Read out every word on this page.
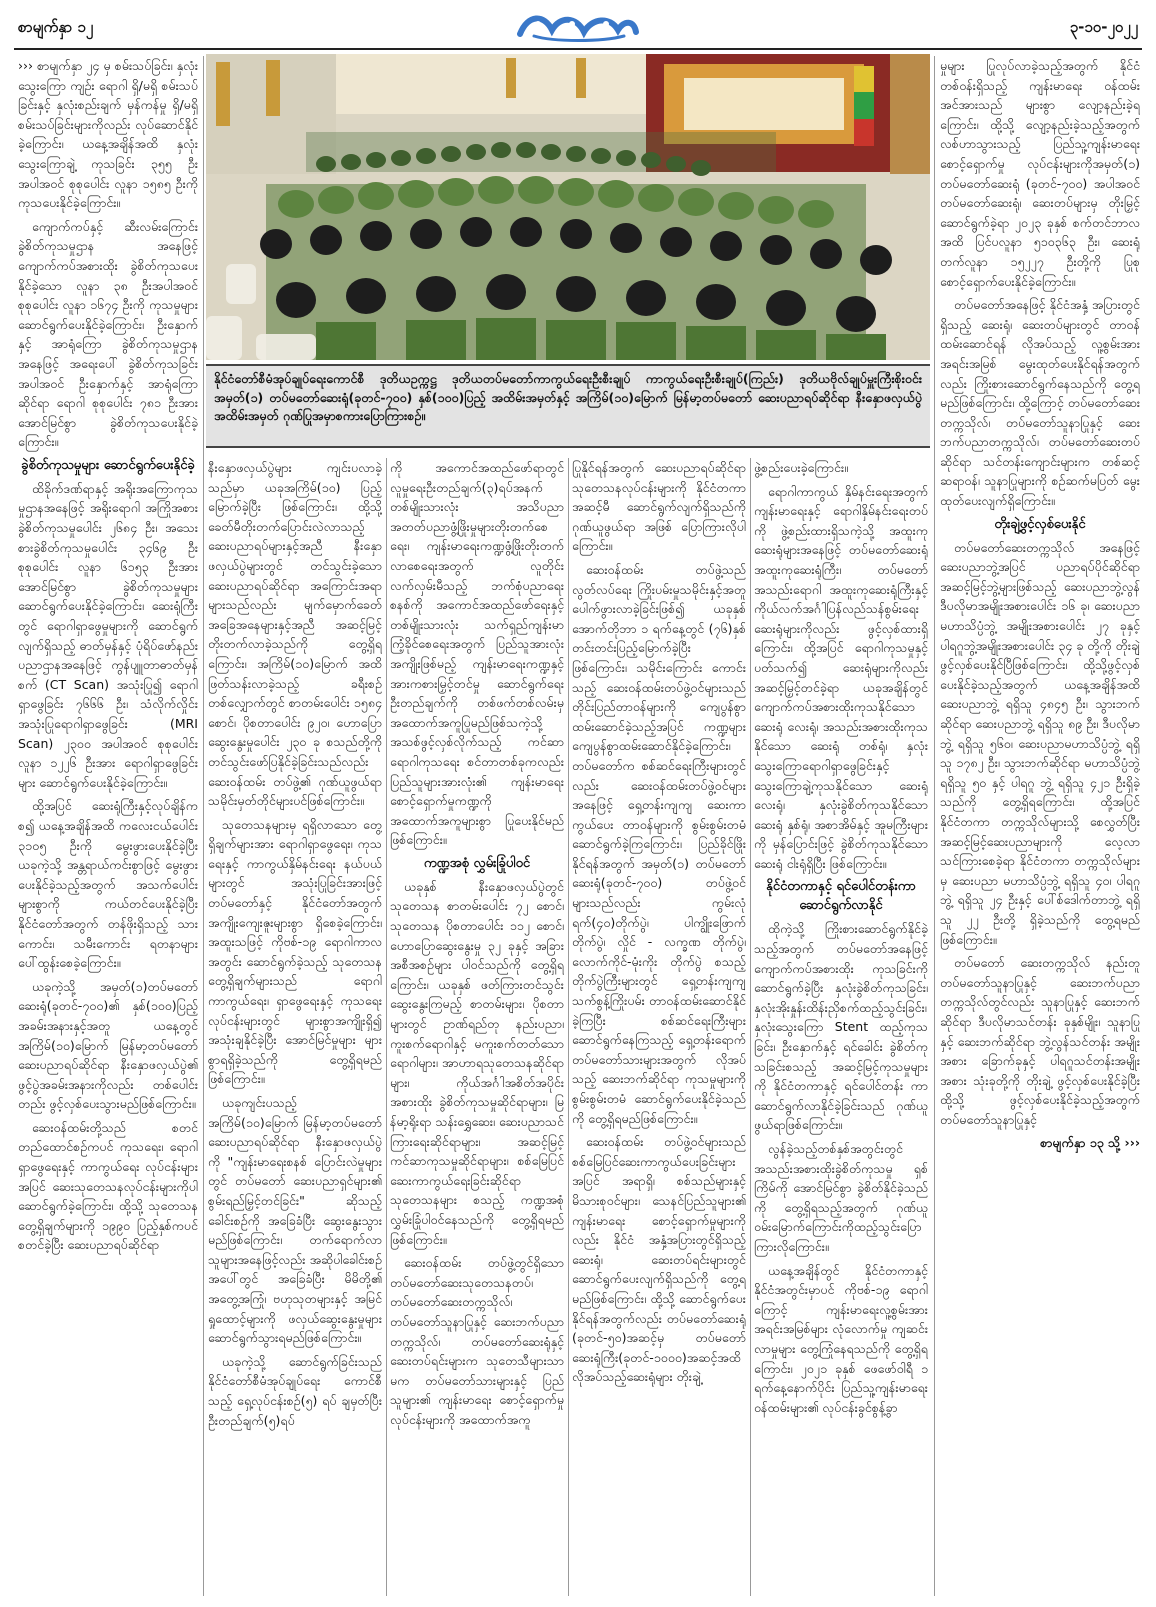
စာမျက်နှာ ၁၂	၃-၁၀-၂၀၂၂

››› စာမျက်နှာ ၂၄ မှ စမ်းသပ်ခြင်း၊ နှလုံးသွေးကြော ကျဉ်း ရောဂါ ရှိ/မရှိ စမ်းသပ်ခြင်းနှင့် နှလုံးစည်းချက် မှန်ကန်မှု ရှိ/မရှိ စမ်းသပ်ခြင်းများကိုလည်း လုပ်ဆောင်နိုင်ခဲ့ကြောင်း၊ ယနေ့အချိန်အထိ နှလုံးသွေးကြောချဲ့ ကုသခြင်း ၃၅၅ ဦး အပါအဝင် စုစုပေါင်း လူနာ ၁၅၈၅ ဦးကို ကုသပေးနိုင်ခဲ့ကြောင်း။

ကျောက်ကပ်နှင့် ဆီးလမ်းကြောင်း ခွဲစိတ်ကုသမှုဌာန အနေဖြင့် ကျောက်ကပ်အစားထိုး ခွဲစိတ်ကုသပေးနိုင်ခဲ့သော လူနာ ၃၈ ဦးအပါအဝင် စုစုပေါင်း လူနာ ၁၆၇၄ ဦးကို ကုသမှုများ ဆောင်ရွက်ပေးနိုင်ခဲ့ကြောင်း၊ ဦးနှောက်နှင့် အာရုံကြော ခွဲစိတ်ကုသမှုဌာနအနေဖြင့် အရေးပေါ် ခွဲစိတ်ကုသခြင်း အပါအဝင် ဦးနှောက်နှင့် အာရုံကြောဆိုင်ရာ ရောဂါ စုစုပေါင်း ၇၈၁ ဦးအား အောင်မြင်စွာ ခွဲစိတ်ကုသပေးနိုင်ခဲ့ကြောင်း။

ခွဲစိတ်ကုသမှုများ ဆောင်ရွက်ပေးနိုင်ခဲ့

ထိခိုက်ဒဏ်ရာနှင့် အရိုးအကြောကုသမှုဌာနအနေဖြင့် အရိုးရောဂါ အကြိုအစား ခွဲစိတ်ကုသမှုပေါင်း ၂၆၈၄ ဦး၊ အသေးစားခွဲစိတ်ကုသမှုပေါင်း ၃၄၆၉ ဦး စုစုပေါင်း လူနာ ၆၁၅၃ ဦးအား အောင်မြင်စွာ ခွဲစိတ်ကုသမှုများ ဆောင်ရွက်ပေးနိုင်ခဲ့ကြောင်း၊ ဆေးရုံကြီးတွင် ရောဂါရှာဖွေမှုများကို ဆောင်ရွက်လျက်ရှိသည့် ဓာတ်မှန်နှင့် ပုံရိပ်ဖော်နည်းပညာဌာနအနေဖြင့် ကွန်ပျူတာဓာတ်မှန်စက် (CT Scan) အသုံးပြု၍ ရောဂါရှာဖွေခြင်း ၇၆၆၆ ဦး၊ သံလိုက်လှိုင်း အသုံးပြုရောဂါရှာဖွေခြင်း (MRI Scan) ၂၃၀၀ အပါအဝင် စုစုပေါင်း လူနာ ၁၂၂၆ ဦးအား ရောဂါရှာဖွေခြင်းများ ဆောင်ရွက်ပေးနိုင်ခဲ့ကြောင်း။

ထို့အပြင် ဆေးရုံကြီးနှင့်လုပ်ချိန်ကစ၍ ယနေ့အချိန်အထိ ကလေးငယ်ပေါင်း ၃၁၀၅ ဦးကို မွေးဖွားပေးနိုင်ခဲ့ပြီး ယခုကဲ့သို့ အန္တရာယ်ကင်းစွာဖြင့် မွေးဖွားပေးနိုင်ခဲ့သည့်အတွက် အသက်ပေါင်းများစွာကို ကယ်တင်ပေးနိုင်ခဲ့ပြီး နိုင်ငံတော်အတွက် တန်ဖိုးရှိသည့် သားကောင်း၊ သမီးကောင်း ရတနာများ ပေါ်ထွန်းစေခဲ့ကြောင်း။

ယခုကဲ့သို့ အမှတ်(၁)တပ်မတော်ဆေးရုံ(ခုတင်-၇၀၀)၏ နှစ်(၁၀၀)ပြည့် အခမ်းအနားနှင့်အတူ ယနေ့တွင် အကြိမ်(၁၀)မြောက် မြန်မာ့တပ်မတော် ဆေးပညာရပ်ဆိုင်ရာ နီးနှောဖလှယ်ပွဲ၏ ဖွင့်ပွဲအခမ်းအနားကိုလည်း တစ်ပေါင်းတည်း ဖွင့်လှစ်ပေးသွားမည်ဖြစ်ကြောင်း။

ဆေးဝန်ထမ်းတို့သည် စတင်တည်ထောင်စဉ်ကပင် ကုသရေး၊ ရောဂါရှာဖွေရေးနှင့် ကာကွယ်ရေး လုပ်ငန်းများအပြင် ဆေးသုတေသနလုပ်ငန်းများကိုပါ ဆောင်ရွက်ခဲ့ကြောင်း၊ ထို့သို့ သုတေသနတွေ့ရှိချက်များကို ၁၉၉၀ ပြည့်နှစ်ကပင် စတင်ခဲ့ပြီး ဆေးပညာရပ်ဆိုင်ရာ

နိုင်ငံတော်စီမံအုပ်ချုပ်ရေးကောင်စီ ဒုတိယဥက္ကဋ္ဌ ဒုတိယတပ်မတော်ကာကွယ်ရေးဦးစီးချုပ် ကာကွယ်ရေးဦးစီးချုပ်(ကြည်း) ဒုတိယဗိုလ်ချုပ်မှူးကြီးစိုးဝင်း အမှတ်(၁) တပ်မတော်ဆေးရုံ(ခုတင်-၇၀၀) နှစ်(၁၀၀)ပြည့် အထိမ်းအမှတ်နှင့် အကြိမ်(၁၀)မြောက် မြန်မာ့တပ်မတော် ဆေးပညာရပ်ဆိုင်ရာ နီးနှောဖလှယ်ပွဲ အထိမ်းအမှတ် ဂုဏ်ပြုအမှာစကားပြောကြားစဉ်။

နီးနှောဖလှယ်ပွဲများ ကျင်းပလာခဲ့သည်မှာ ယခုအကြိမ်(၁၀) ပြည့်မြောက်ခဲ့ပြီး ဖြစ်ကြောင်း၊ ထို့သို့ ခေတ်မီတိုးတက်ပြောင်းလဲလာသည့် ဆေးပညာရပ်များနှင့်အညီ နီးနှောဖလှယ်ပွဲများတွင် တင်သွင်းခဲ့သော ဆေးပညာရပ်ဆိုင်ရာ အကြောင်းအရာများသည်လည်း မျက်မှောက်ခေတ် အခြေအနေများနှင့်အညီ အဆင့်မြင့်တိုးတက်လာခဲ့သည်ကို တွေ့ရှိရကြောင်း၊ အကြိမ်(၁၀)မြောက် အထိဖြတ်သန်းလာခဲ့သည့် ခရီးစဉ်တစ်လျှောက်တွင် စာတမ်းပေါင်း ၁၅၈၄ စောင်၊ ပိုစတာပေါင်း ၉၂၀၊ ဟောပြောဆွေးနွေးမှုပေါင်း ၂၃၀ ခု စသည်တို့ကို တင်သွင်းဖော်ပြနိုင်ခဲ့ခြင်းသည်လည်း ဆေးဝန်ထမ်း တပ်ဖွဲ့၏ ဂုဏ်ယူဖွယ်ရာ သမိုင်းမှတ်တိုင်များပင်ဖြစ်ကြောင်း။

သုတေသနများမှ ရရှိလာသော တွေ့ရှိချက်များအား ရောဂါရှာဖွေရေး၊ ကုသရေးနှင့် ကာကွယ်နှိမ်နင်းရေး နယ်ပယ်များတွင် အသုံးပြုခြင်းအားဖြင့် တပ်မတော်နှင့် နိုင်ငံတော်အတွက် အကျိုးကျေးဇူးများစွာ ရှိစေခဲ့ကြောင်း၊ အထူးသဖြင့် ကိုဗစ်-၁၉ ရောဂါကာလအတွင်း ဆောင်ရွက်ခဲ့သည့် သုတေသနတွေ့ရှိချက်များသည် ရောဂါကာကွယ်ရေး၊ ရှာဖွေရေးနှင့် ကုသရေးလုပ်ငန်းများတွင် များစွာအကျိုးရှိ၍ အသုံးချနိုင်ခဲ့ပြီး အောင်မြင်မှုများ များစွာရရှိခဲ့သည်ကို တွေ့ရှိရမည်ဖြစ်ကြောင်း။

ယခုကျင်းပသည့် အကြိမ်(၁၀)မြောက် မြန်မာ့တပ်မတော် ဆေးပညာရပ်ဆိုင်ရာ နီးနှောဖလှယ်ပွဲကို "ကျန်းမာရေးစနစ် ပြောင်းလဲမှုများတွင် တပ်မတော် ဆေးပညာရှင်များ၏ စွမ်းရည်မြှင့်တင်ခြင်း" ဆိုသည့် ခေါင်းစဉ်ကို အခြေခံပြီး ဆွေးနွေးသွားမည်ဖြစ်ကြောင်း၊ တက်ရောက်လာသူများအနေဖြင့်လည်း အဆိုပါခေါင်းစဉ်အပေါ်တွင် အခြေခံပြီး မိမိတို့၏ အတွေ့အကြုံ၊ ဗဟုသုတများနှင့် အမြင်ရှုထောင့်များကို ဖလှယ်ဆွေးနွေးမှုများ ဆောင်ရွက်သွားရမည်ဖြစ်ကြောင်း။

ယခုကဲ့သို့ ဆောင်ရွက်ခြင်းသည် နိုင်ငံတော်စီမံအုပ်ချုပ်ရေး ကောင်စီသည့် ရှေ့လုပ်ငန်းစဉ်(၅) ရပ် ချမှတ်ပြီး ဦးတည်ချက်(၅)ရပ်

ကို အကောင်အထည်ဖော်ရာတွင် လူမှုရေးဦးတည်ချက်(၃)ရပ်အနက် တစ်မျိုးသားလုံး အသိပညာ အတတ်ပညာဖွံ့ဖြိုးမှုများတိုးတက်စေရေး၊ ကျန်းမာရေးကဏ္ဍဖွံ့ဖြိုးတိုးတက်လာစေရေးအတွက် လူတိုင်းလက်လှမ်းမီသည့် ဘက်စုံပညာရေးစနစ်ကို အကောင်အထည်ဖော်ရေးနှင့် တစ်မျိုးသားလုံး သက်ရှည်ကျန်းမာ ကြံ့ခိုင်စေရေးအတွက် ပြည်သူအားလုံး အကျိုးဖြစ်မည့် ကျန်းမာရေးကဏ္ဍနှင့် အားကစားမြှင့်တင်မှု ဆောင်ရွက်ရေး ဦးတည်ချက်ကို တစ်ဖက်တစ်လမ်းမှအထောက်အကူပြုမည်ဖြစ်သကဲ့သို့ အသစ်ဖွင့်လှစ်လိုက်သည့် ကင်ဆာရောဂါကုသရေး စင်တာတစ်ခုကလည်း ပြည်သူများအားလုံး၏ ကျန်းမာရေးစောင့်ရှောက်မှုကဏ္ဍကို အထောက်အကူများစွာ ပြုပေးနိုင်မည်ဖြစ်ကြောင်း။

ကဏ္ဍအစုံ လွှမ်းခြုံပါဝင်

ယခုနှစ် နီးနှောဖလှယ်ပွဲတွင် သုတေသန စာတမ်းပေါင်း ၇၂ စောင်၊ သုတေသန ပိုစတာပေါင်း ၁၁၂ စောင်၊ ဟောပြောဆွေးနွေးမှု ၃၂ ခုနှင့် အခြားအစီအစဉ်များ ပါဝင်သည်ကို တွေ့ရှိရကြောင်း၊ ယခုနှစ် ဖတ်ကြားတင်သွင်းဆွေးနွေးကြမည့် စာတမ်းများ၊ ပိုစတာများတွင် ဥာဏ်ရည်တု နည်းပညာ၊ ကူးစက်ရောဂါနှင့် မကူးစက်တတ်သော ရောဂါများ၊ အာဟာရသုတေသနဆိုင်ရာများ၊ ကိုယ်အင်္ဂါအစိတ်အပိုင်း အစားထိုး ခွဲစိတ်ကုသမှုဆိုင်ရာများ၊ မြန်မာ့ရိုးရာ သန်းရွှေဆေး၊ ဆေးပညာသင်ကြားရေးဆိုင်ရာများ၊ အဆင့်မြင့် ကင်ဆာကုသမှုဆိုင်ရာများ၊ စစ်မြေပြင်ဆေးကာကွယ်ရေးခြင်းဆိုင်ရာ သုတေသနများ စသည့် ကဏ္ဍအစုံလွှမ်းခြုံပါဝင်နေသည်ကို တွေ့ရှိရမည်ဖြစ်ကြောင်း။

ဆေးဝန်ထမ်း တပ်ဖွဲ့တွင်ရှိသော တပ်မတော်ဆေးသုတေသနတပ်၊ တပ်မတော်ဆေးတက္ကသိုလ်၊ တပ်မတော်သူနာပြုနှင့် ဆေးဘက်ပညာတက္ကသိုလ်၊ တပ်မတော်ဆေးရုံနှင့် ဆေးတပ်ရင်းများက သုတေသီများသာမက တပ်မတော်သားများနှင့် ပြည်သူများ၏ ကျန်းမာရေး စောင့်ရှောက်မှု လုပ်ငန်းများကို အထောက်အကူ

ပြုနိုင်ရန်အတွက် ဆေးပညာရပ်ဆိုင်ရာသုတေသနလုပ်ငန်းများကို နိုင်ငံတကာအဆင့်မီ ဆောင်ရွက်လျက်ရှိသည်ကို ဂုဏ်ယူဖွယ်ရာ အဖြစ် ပြောကြားလိုပါကြောင်း။

ဆေးဝန်ထမ်း တပ်ဖွဲ့သည် လွတ်လပ်ရေး ကြိုးပမ်းမှုသမိုင်းနှင့်အတူ ပေါက်ဖွားလာခဲ့ခြင်းဖြစ်၍ ယခုနှစ် အောက်တိုဘာ ၁ ရက်နေ့တွင် (၇၆)နှစ် တင်းတင်းပြည့်မြောက်ခဲ့ပြီး ဖြစ်ကြောင်း၊ သမိုင်းကြောင်း ကောင်းသည့် ဆေးဝန်ထမ်းတပ်ဖွဲ့ဝင်များသည် တိုင်းပြည်တာဝန်များကို ကျေပွန်စွာ ထမ်းဆောင်ခဲ့သည့်အပြင် ကဏ္ဍများကျေပွန်စွာထမ်းဆောင်နိုင်ခဲ့ကြောင်း၊ တပ်မတော်က စစ်ဆင်ရေးကြီးများတွင်လည်း ဆေးဝန်ထမ်းတပ်ဖွဲ့ဝင်များအနေဖြင့် ရှေ့တန်းကျကျ ဆေးကာကွယ်ပေး တာဝန်များကို စွမ်းစွမ်းတမံ ဆောင်ရွက်ခဲ့ကြကြောင်း၊ ပြည်ခိုင်ဖြိုးနိုင်ရန်အတွက် အမှတ်(၁) တပ်မတော်ဆေးရုံ(ခုတင်-၇၀၀) တပ်ဖွဲ့ဝင်များသည်လည်း ကွမ်းလုံ ရက်(၄၀)တိုက်ပွဲ၊ ပါကျွိုးဖြောက်တိုက်ပွဲ၊ လှိုင် - လက္ခဏ တိုက်ပွဲ၊ လောက်ကိုင်-မုံးကိုး တိုက်ပွဲ စသည့် တိုက်ပွဲကြီးများတွင် ရှေ့တန်းကျကျ သက်စွန့်ကြိုးပမ်း တာဝန်ထမ်းဆောင်နိုင်ခဲ့ကြပြီး စစ်ဆင်ရေးကြီးများ ဆောင်ရွက်နေကြသည့် ရှေ့တန်းရောက် တပ်မတော်သားများအတွက် လိုအပ်သည့် ဆေးဘက်ဆိုင်ရာ ကုသမှုများကို စွမ်းစွမ်းတမံ ဆောင်ရွက်ပေးနိုင်ခဲ့သည်ကို တွေ့ရှိရမည်ဖြစ်ကြောင်း။

ဆေးဝန်ထမ်း တပ်ဖွဲ့ဝင်များသည် စစ်မြေပြင်ဆေးကာကွယ်ပေးခြင်းများအပြင် အရာရှိ၊ စစ်သည်များနှင့် မိသားစုဝင်များ၊ သေနင်ပြည်သူများ၏ ကျန်းမာရေး စောင့်ရှောက်မှုများကိုလည်း နိုင်ငံ အနှံ့အပြားတွင်ရှိသည့် ဆေးရုံ၊ ဆေးတပ်ရင်းများတွင် ဆောင်ရွက်ပေးလျက်ရှိသည်ကို တွေ့ရမည်ဖြစ်ကြောင်း၊ ထို့သို့ ဆောင်ရွက်ပေးနိုင်ရန်အတွက်လည်း တပ်မတော်ဆေးရုံ (ခုတင်-၅၀)အဆင့်မှ တပ်မတော်ဆေးရုံကြီး(ခုတင်-၁၀၀၀)အဆင့်အထိ လိုအပ်သည့်ဆေးရုံများ တိုးချဲ့

ဖွဲ့စည်းပေးခဲ့ကြောင်း။

ရောဂါကာကွယ် နှိမ်နင်းရေးအတွက် ကျန်းမာရေးနှင့် ရောဂါနှိမ်နင်းရေးတပ်ကို ဖွဲ့စည်းထားရှိသကဲ့သို့ အထူးကုဆေးရုံများအနေဖြင့် တပ်မတော်ဆေးရုံ အထူးကုဆေးရုံကြီး၊ တပ်မတော်အသည်းရောဂါ အထူးကုဆေးရုံကြီးနှင့် ကိုယ်လက်အင်္ဂါပြန်လည်သန်စွမ်းရေး ဆေးရုံများကိုလည်း ဖွင့်လှစ်ထားရှိကြောင်း၊ ထို့အပြင် ရောဂါကုသမှုနှင့် ပတ်သက်၍ ဆေးရုံများကိုလည်း အဆင့်မြှင့်တင်ခဲ့ရာ ယခုအချိန်တွင် ကျောက်ကပ်အစားထိုးကုသနိုင်သော ဆေးရုံ လေးရုံ၊ အသည်းအစားထိုးကုသနိုင်သော ဆေးရုံ တစ်ရုံ၊ နှလုံးသွေးကြောရောဂါရှာဖွေခြင်းနှင့် သွေးကြောချဲ့ကုသနိုင်သော ဆေးရုံ လေးရုံ၊ နှလုံးခွဲစိတ်ကုသနိုင်သော ဆေးရုံ နှစ်ရုံ၊ အစာအိမ်နှင့် အူမကြီးများကို မှန်ပြောင်းဖြင့် ခွဲစိတ်ကုသနိုင်သောဆေးရုံ ငါးရုံရှိပြီး ဖြစ်ကြောင်း။

နိုင်ငံတကာနှင့် ရင်ပေါင်တန်းကာ ဆောင်ရွက်လာနိုင်

ထိုကဲ့သို့ ကြိုးစားဆောင်ရွက်နိုင်ခဲ့သည့်အတွက် တပ်မတော်အနေဖြင့် ကျောက်ကပ်အစားထိုး ကုသခြင်းကို ဆောင်ရွက်ခဲ့ပြီး နှလုံးခွဲစိတ်ကုသခြင်း၊ နှလုံးအိုးနှုန်းထိန်းညှိစက်ထည့်သွင်းခြင်း၊ နှလုံးသွေးကြော Stent ထည့်ကုသခြင်း၊ ဦးနှောက်နှင့် ရင်ခေါင်း ခွဲစိတ်ကုသခြင်းစသည့် အဆင့်မြင့်ကုသမှုများကို နိုင်ငံတကာနှင့် ရင်ပေါင်တန်း ကာ ဆောင်ရွက်လာနိုင်ခဲ့ခြင်းသည် ဂုဏ်ယူဖွယ်ရာဖြစ်ကြောင်း။

လွန်ခဲ့သည့်တစ်နှစ်အတွင်းတွင် အသည်းအစားထိုးခွဲစိတ်ကုသမှု ရှစ်ကြိမ်ကို အောင်မြင်စွာ ခွဲစိတ်နိုင်ခဲ့သည်ကို တွေ့ရှိရသည့်အတွက် ဂုဏ်ယူဝမ်းမြောက်ကြောင်းကိုထည့်သွင်းပြောကြားလိုကြောင်း။

ယနေ့အချိန်တွင် နိုင်ငံတကာနှင့် နိုင်ငံအတွင်းမှာပင် ကိုဗစ်-၁၉ ရောဂါကြောင့် ကျန်းမာရေးလူ့စွမ်းအားအရင်းအမြစ်များ လုံလောက်မှု ကျဆင်းလာမှုများ တွေ့ကြုံနေရသည်ကို တွေ့ရှိရကြောင်း၊ ၂၀၂၁ ခုနှစ် ဖေဖော်ဝါရီ ၁ ရက်နေ့နောက်ပိုင်း ပြည်သူ့ကျန်းမာရေးဝန်ထမ်းများ၏ လုပ်ငန်းခွင်စွန့်ခွာ

မှုများ ပြုလုပ်လာခဲ့သည့်အတွက် နိုင်ငံတစ်ဝန်းရှိသည့် ကျန်းမာရေး ဝန်ထမ်းအင်အားသည် များစွာ လျော့နည်းခဲ့ရကြောင်း၊ ထို့သို့ လျော့နည်းခဲ့သည့်အတွက် လစ်ဟာသွားသည့် ပြည်သူ့ကျန်းမာရေးစောင့်ရှောက်မှု လုပ်ငန်းများကိုအမှတ်(၁) တပ်မတော်ဆေးရုံ (ခုတင်-၇၀၀) အပါအဝင် တပ်မတော်ဆေးရုံ၊ ဆေးတပ်များမှ တိုးမြှင့်ဆောင်ရွက်ခဲ့ရာ ၂၀၂၃ ခုနှစ် စက်တင်ဘာလအထိ ပြင်ပလူနာ ၅၁၀၃၆၃ ဦး၊ ဆေးရုံတက်လူနာ ၁၅၂၂၇ ဦးတို့ကို ပြုစုစောင့်ရှောက်ပေးနိုင်ခဲ့ကြောင်း။

တပ်မတော်အနေဖြင့် နိုင်ငံအနှံ့ အပြားတွင်ရှိသည့် ဆေးရုံ၊ ဆေးတပ်များတွင် တာဝန်ထမ်းဆောင်ရန် လိုအပ်သည့် လူ့စွမ်းအားအရင်းအမြစ် မွေးထုတ်ပေးနိုင်ရန်အတွက်လည်း ကြိုးစားဆောင်ရွက်နေသည်ကို တွေ့ရမည်ဖြစ်ကြောင်း၊ ထို့ကြောင့် တပ်မတော်ဆေးတက္ကသိုလ်၊ တပ်မတော်သူနာပြုနှင့် ဆေးဘက်ပညာတက္ကသိုလ်၊ တပ်မတော်ဆေးတပ်ဆိုင်ရာ သင်တန်းကျောင်းများက တစ်ဆင့်ဆရာဝန်၊ သူနာပြုများကို စဉ်ဆက်မပြတ် မွေးထုတ်ပေးလျက်ရှိကြောင်း။

တိုးချဲ့ဖွင့်လှစ်ပေးနိုင်

တပ်မတော်ဆေးတက္ကသိုလ် အနေဖြင့် ဆေးပညာဘွဲ့အပြင် ပညာရပ်ပိုင်ဆိုင်ရာ အဆင့်မြင့်ဘွဲ့များဖြစ်သည့် ဆေးပညာဘွဲ့လွန် ဒီပလိုမာအမျိုးအစားပေါင်း ၁၆ ခု၊ ဆေးပညာမဟာသိပ္ပံဘွဲ့ အမျိုးအစားပေါင်း ၂၇ ခုနှင့် ပါရဂူဘွဲ့အမျိုးအစားပေါင်း ၃၄ ခု တို့ကို တိုးချဲ့ ဖွင့်လှစ်ပေးနိုင်ပြီဖြစ်ကြောင်း၊ ထို့သို့ဖွင့်လှစ်ပေးနိုင်ခဲ့သည့်အတွက် ယနေ့အချိန်အထိ ဆေးပညာဘွဲ့ ရရှိသူ ၄၈၄၅ ဦး၊ သွားဘက်ဆိုင်ရာ ဆေးပညာဘွဲ့ ရရှိသူ ၈၉ ဦး၊ ဒီပလိုမာဘွဲ့ ရရှိသူ ၅၆၀၊ ဆေးပညာမဟာသိပ္ပံဘွဲ့ ရရှိသူ ၁၇၈၂ ဦး၊ သွားဘက်ဆိုင်ရာ မဟာသိပ္ပံဘွဲ့ ရရှိသူ ၅၀ နှင့် ပါရဂူ ဘွဲ့ ရရှိသူ ၄၂၁ ဦးရှိခဲ့သည်ကို တွေ့ရှိရကြောင်း၊ ထို့အပြင် နိုင်ငံတကာ တက္ကသိုလ်များသို့ စေလွှတ်ပြီး အဆင့်မြင့်ဆေးပညာများကို လေ့လာသင်ကြားစေခဲ့ရာ နိုင်ငံတကာ တက္ကသိုလ်များမှ ဆေးပညာ မဟာသိပ္ပံဘွဲ့ ရရှိသူ ၄၀၊ ပါရဂူဘွဲ့ ရရှိသူ ၂၄ ဦးနှင့် ပေါ်စ်ဒေါက်တာဘွဲ့ ရရှိသူ ၂၂ ဦးတို့ ရှိခဲ့သည်ကို တွေ့ရမည်ဖြစ်ကြောင်း။

တပ်မတော် ဆေးတက္ကသိုလ် နည်းတူ တပ်မတော်သူနာပြုနှင့် ဆေးဘက်ပညာ တက္ကသိုလ်တွင်လည်း သူနာပြုနှင့် ဆေးဘက်ဆိုင်ရာ ဒီပလိုမာသင်တန်း ခုနှစ်မျိုး၊ သူနာပြုနှင့် ဆေးဘက်ဆိုင်ရာ ဘွဲ့လွန်သင်တန်း အမျိုးအစား ခြောက်ခုနှင့် ပါရဂူသင်တန်းအမျိုးအစား သုံးခုတို့ကို တိုးချဲ့ ဖွင့်လှစ်ပေးနိုင်ခဲ့ပြီး ထို့သို့ ဖွင့်လှစ်ပေးနိုင်ခဲ့သည့်အတွက် တပ်မတော်သူနာပြုနှင့်

စာမျက်နှာ ၁၃ သို့ ›››
